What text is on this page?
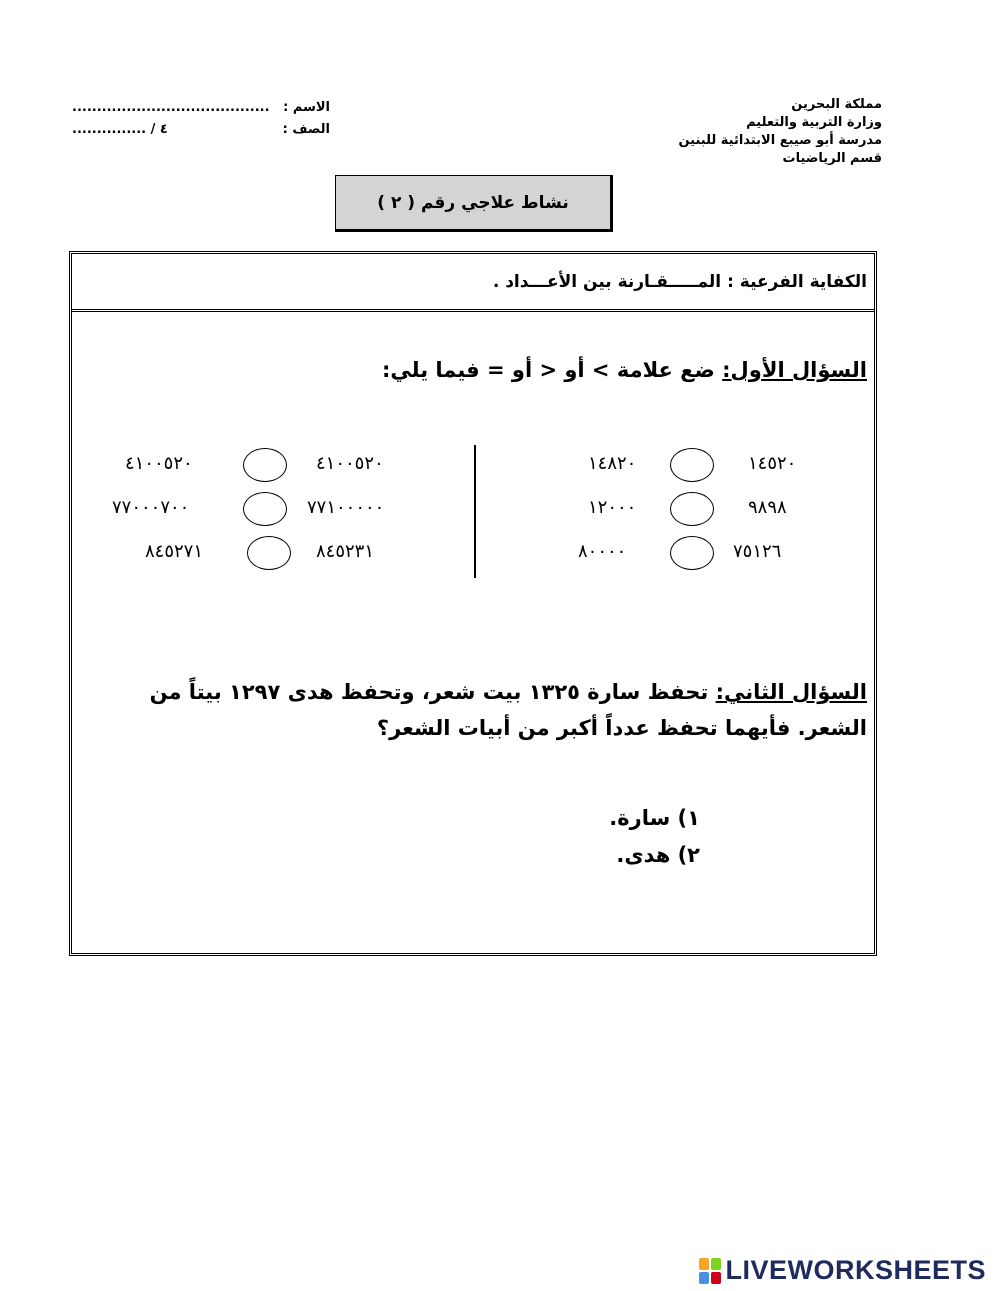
مملكة البحرين
وزارة التربية والتعليم
مدرسة أبو صيبع الابتدائية للبنين
قسم الرياضيات
الاسم :
........................................
الصف :
٤ / ...............
نشاط علاجي رقم ( ٢ )
الكفاية الفرعية : المـــــقـارنة بين الأعـــداد .
السؤال الأول: ضع علامة > أو < أو = فيما يلي:
١٤٥٢٠
١٤٨٢٠
٩٨٩٨
١٢٠٠٠
٧٥١٢٦
٨٠٠٠٠
٤١٠٠٥٢٠
٤١٠٠٥٢٠
٧٧١٠٠٠٠٠
٧٧٠٠٠٧٠٠
٨٤٥٢٣١
٨٤٥٢٧١
السؤال الثاني: تحفظ سارة ١٣٢٥ بيت شعر، وتحفظ هدى ١٢٩٧ بيتاً من الشعر. فأيهما تحفظ عدداً أكبر من أبيات الشعر؟
١) سارة.
٢) هدى.
LIVEWORKSHEETS
